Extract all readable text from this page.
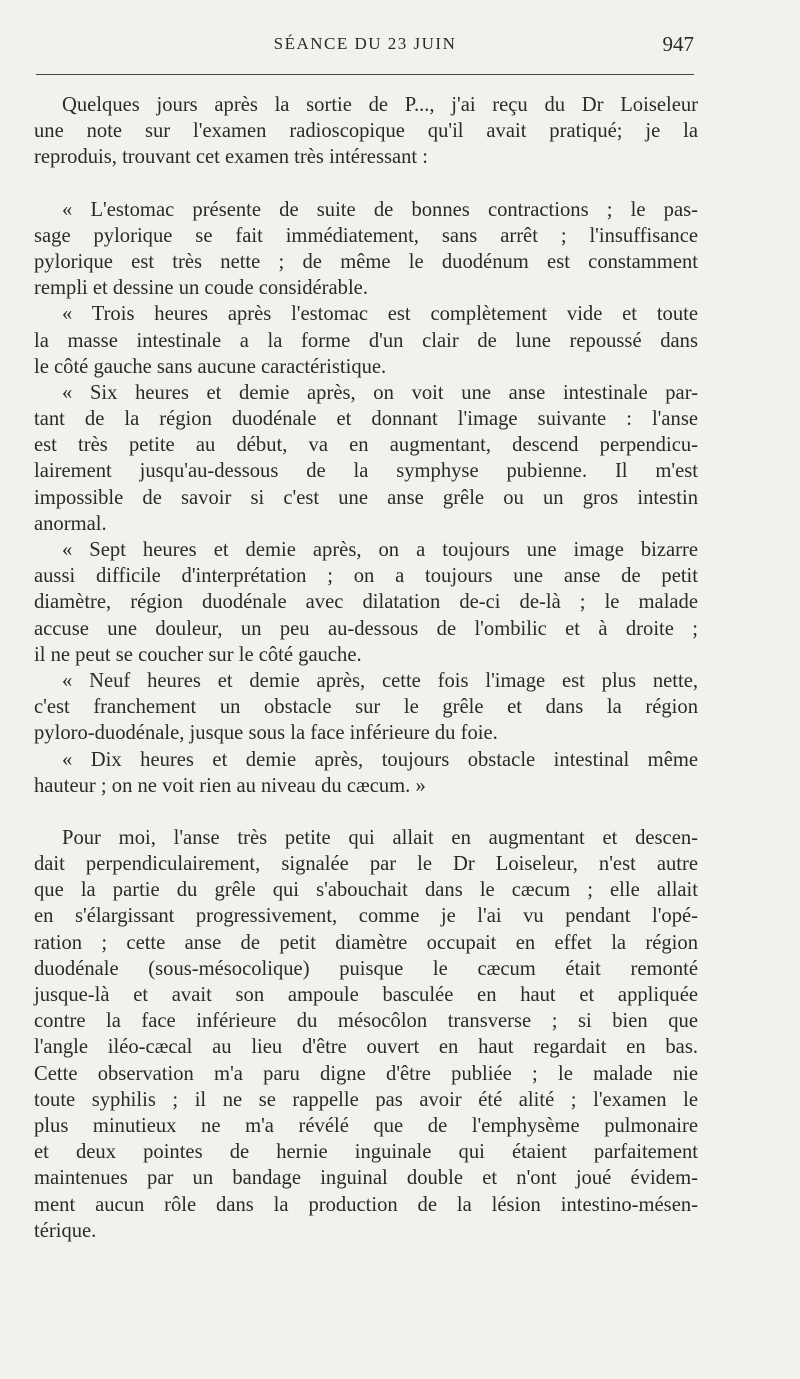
SÉANCE DU 23 JUIN	947
Quelques jours après la sortie de P..., j'ai reçu du Dr Loiseleur
une note sur l'examen radioscopique qu'il avait pratiqué; je la
reproduis, trouvant cet examen très intéressant :
« L'estomac présente de suite de bonnes contractions ; le pas-
sage pylorique se fait immédiatement, sans arrêt ; l'insuffisance
pylorique est très nette ; de même le duodénum est constamment
rempli et dessine un coude considérable.
« Trois heures après l'estomac est complètement vide et toute
la masse intestinale a la forme d'un clair de lune repoussé dans
le côté gauche sans aucune caractéristique.
« Six heures et demie après, on voit une anse intestinale par-
tant de la région duodénale et donnant l'image suivante : l'anse
est très petite au début, va en augmentant, descend perpendicu-
lairement jusqu'au-dessous de la symphyse pubienne. Il m'est
impossible de savoir si c'est une anse grêle ou un gros intestin
anormal.
« Sept heures et demie après, on a toujours une image bizarre
aussi difficile d'interprétation ; on a toujours une anse de petit
diamètre, région duodénale avec dilatation de-ci de-là ; le malade
accuse une douleur, un peu au-dessous de l'ombilic et à droite ;
il ne peut se coucher sur le côté gauche.
« Neuf heures et demie après, cette fois l'image est plus nette,
c'est franchement un obstacle sur le grêle et dans la région
pyloro-duodénale, jusque sous la face inférieure du foie.
« Dix heures et demie après, toujours obstacle intestinal même
hauteur ; on ne voit rien au niveau du cæcum. »
Pour moi, l'anse très petite qui allait en augmentant et descen-
dait perpendiculairement, signalée par le Dr Loiseleur, n'est autre
que la partie du grêle qui s'abouchait dans le cæcum ; elle allait
en s'élargissant progressivement, comme je l'ai vu pendant l'opé-
ration ; cette anse de petit diamètre occupait en effet la région
duodénale (sous-mésocolique) puisque le cæcum était remonté
jusque-là et avait son ampoule basculée en haut et appliquée
contre la face inférieure du mésocôlon transverse ; si bien que
l'angle iléo-cæcal au lieu d'être ouvert en haut regardait en bas.
Cette observation m'a paru digne d'être publiée ; le malade nie
toute syphilis ; il ne se rappelle pas avoir été alité ; l'examen le
plus minutieux ne m'a révélé que de l'emphysème pulmonaire
et deux pointes de hernie inguinale qui étaient parfaitement
maintenues par un bandage inguinal double et n'ont joué évidem-
ment aucun rôle dans la production de la lésion intestino-mésen-
térique.
